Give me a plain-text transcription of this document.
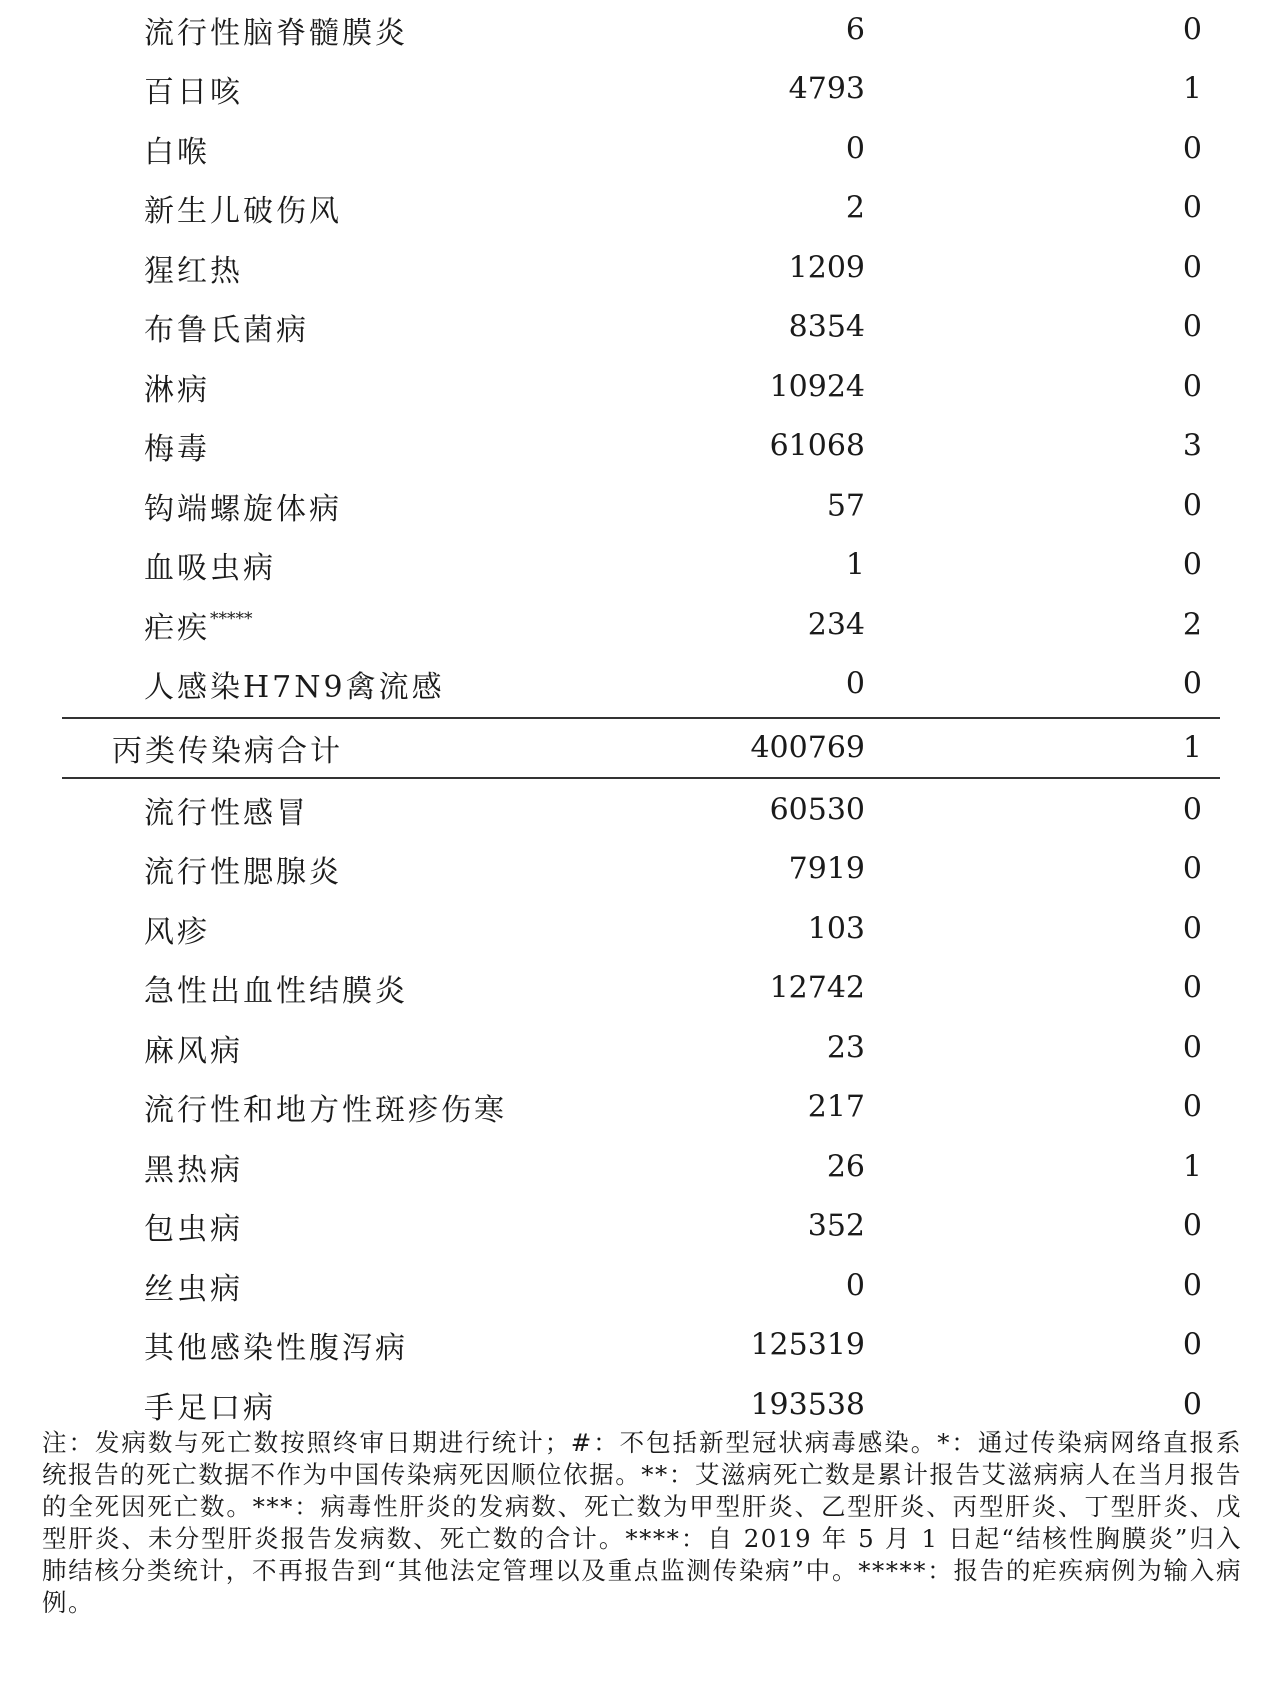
流行性脑脊髓膜炎	6	0
百日咳	4793	1
白喉	0	0
新生儿破伤风	2	0
猩红热	1209	0
布鲁氏菌病	8354	0
淋病	10924	0
梅毒	61068	3
钩端螺旋体病	57	0
血吸虫病	1	0
疟疾*****	234	2
人感染H7N9禽流感	0	0
丙类传染病合计	400769	1
流行性感冒	60530	0
流行性腮腺炎	7919	0
风疹	103	0
急性出血性结膜炎	12742	0
麻风病	23	0
流行性和地方性斑疹伤寒	217	0
黑热病	26	1
包虫病	352	0
丝虫病	0	0
其他感染性腹泻病	125319	0
手足口病	193538	0
注：发病数与死亡数按照终审日期进行统计；#：不包括新型冠状病毒感染。*：通过传染病网络直报系统报告的死亡数据不作为中国传染病死因顺位依据。**：艾滋病死亡数是累计报告艾滋病病人在当月报告的全死因死亡数。***：病毒性肝炎的发病数、死亡数为甲型肝炎、乙型肝炎、丙型肝炎、丁型肝炎、戊型肝炎、未分型肝炎报告发病数、死亡数的合计。****：自 2019 年 5 月 1 日起“结核性胸膜炎”归入肺结核分类统计，不再报告到“其他法定管理以及重点监测传染病”中。*****：报告的疟疾病例为输入病例。
